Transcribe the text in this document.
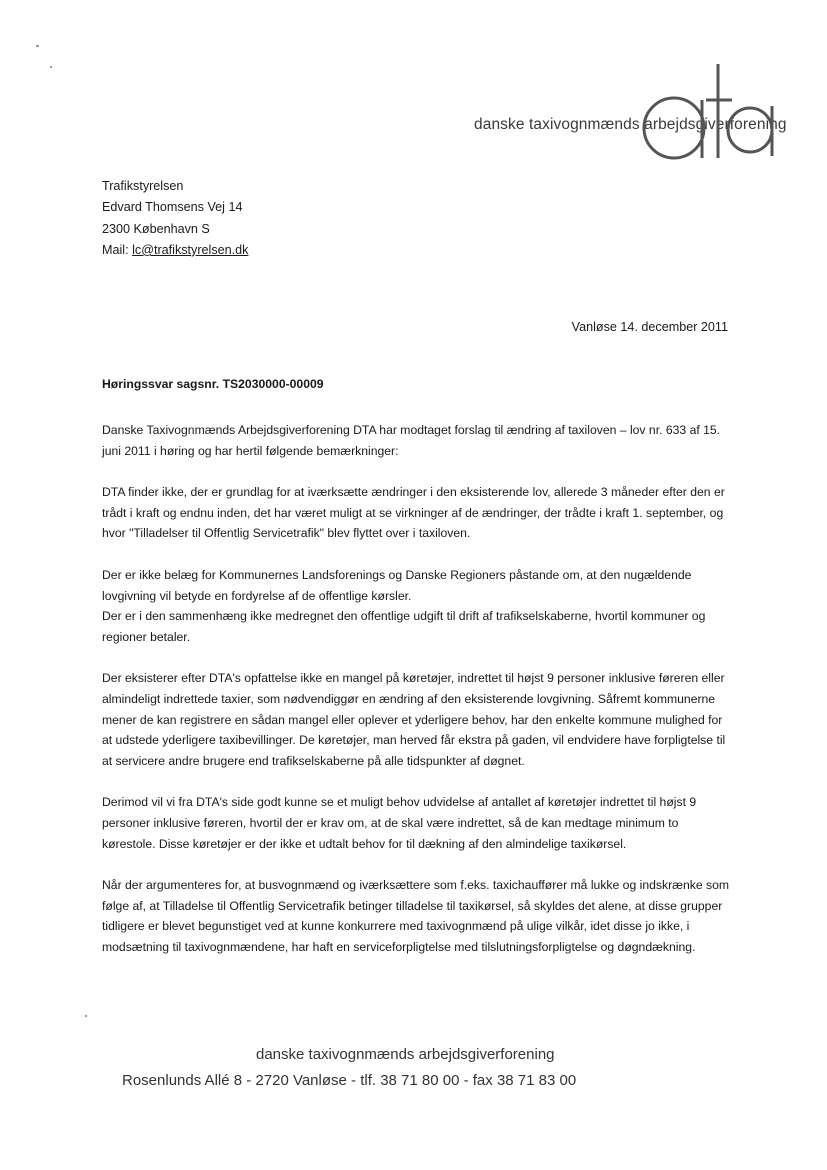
danske taxivognmænds arbejdsgiverforening
Trafikstyrelsen
Edvard Thomsens Vej 14
2300 København S
Mail: lc@trafikstyrelsen.dk
Vanløse 14. december 2011
Høringssvar sagsnr. TS2030000-00009

Danske Taxivognmænds Arbejdsgiverforening DTA har modtaget forslag til ændring af taxiloven – lov nr. 633 af 15. juni 2011 i høring og har hertil følgende bemærkninger:

DTA finder ikke, der er grundlag for at iværksætte ændringer i den eksisterende lov, allerede 3 måneder efter den er trådt i kraft og endnu inden, det har været muligt at se virkninger af de ændringer, der trådte i kraft 1. september, og hvor "Tilladelser til Offentlig Servicetrafik" blev flyttet over i taxiloven.

Der er ikke belæg for Kommunernes Landsforenings og Danske Regioners påstande om, at den nugældende lovgivning vil betyde en fordyrelse af de offentlige kørsler.

Der er i den sammenhæng ikke medregnet den offentlige udgift til drift af trafikselskaberne, hvortil kommuner og regioner betaler.

Der eksisterer efter DTA's opfattelse ikke en mangel på køretøjer, indrettet til højst 9 personer inklusive føreren eller almindeligt indrettede taxier, som nødvendiggør en ændring af den eksisterende lovgivning. Såfremt kommunerne mener de kan registrere en sådan mangel eller oplever et yderligere behov, har den enkelte kommune mulighed for at udstede yderligere taxibevillinger. De køretøjer, man herved får ekstra på gaden, vil endvidere have forpligtelse til at servicere andre brugere end trafikselskaberne på alle tidspunkter af døgnet.

Derimod vil vi fra DTA's side godt kunne se et muligt behov udvidelse af antallet af køretøjer indrettet til højst 9 personer inklusive føreren, hvortil der er krav om, at de skal være indrettet, så de kan medtage minimum to kørestole. Disse køretøjer er der ikke et udtalt behov for til dækning af den almindelige taxikørsel.

Når der argumenteres for, at busvognmænd og iværksættere som f.eks. taxichauffører må lukke og indskrænke som følge af, at Tilladelse til Offentlig Servicetrafik betinger tilladelse til taxikørsel, så skyldes det alene, at disse grupper tidligere er blevet begunstiget ved at kunne konkurrere med taxivognmænd på ulige vilkår, idet disse jo ikke, i modsætning til taxivognmændene, har haft en serviceforpligtelse med tilslutningsforpligtelse og døgndækning.

danske taxivognmænds arbejdsgiverforening
Rosenlunds Allé 8 - 2720 Vanløse - tlf. 38 71 80 00 - fax 38 71 83 00
